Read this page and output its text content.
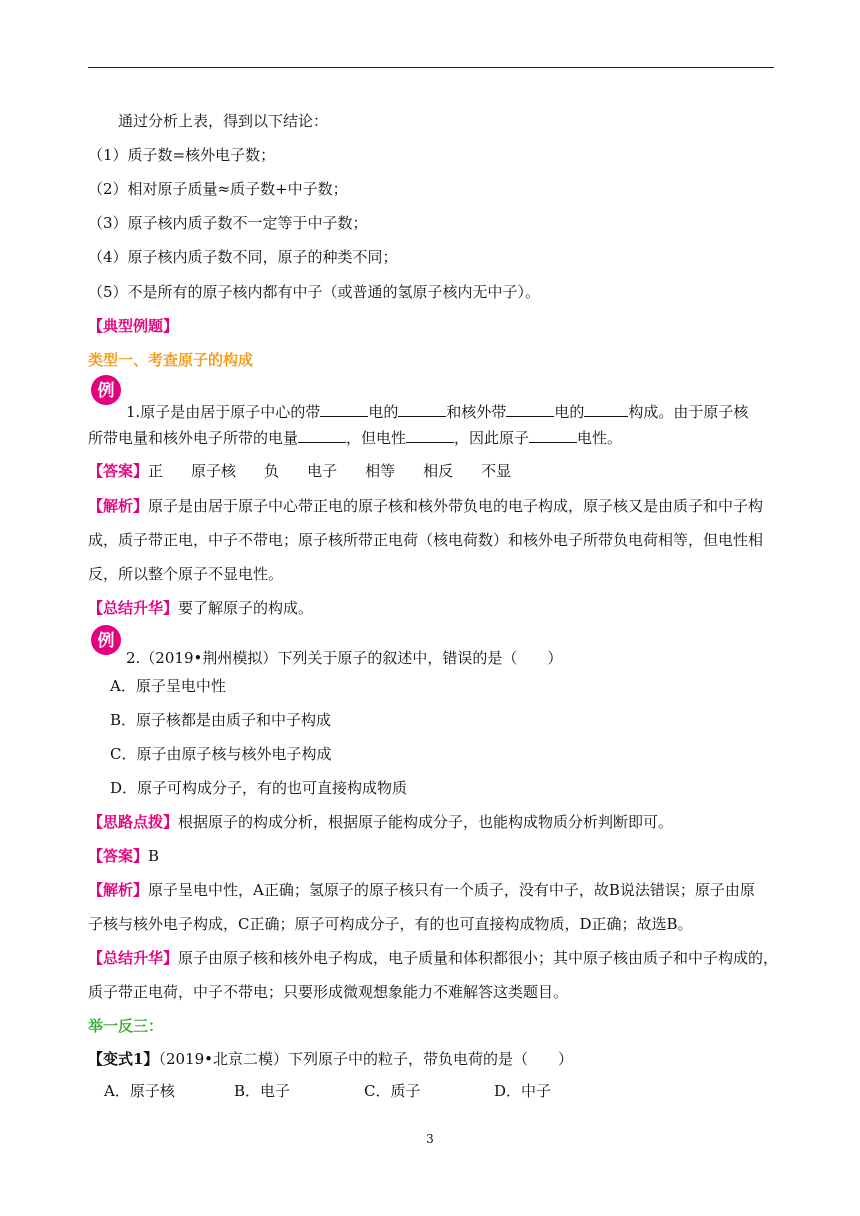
通过分析上表，得到以下结论：
（1）质子数=核外电子数；
（2）相对原子质量≈质子数+中子数；
（3）原子核内质子数不一定等于中子数；
（4）原子核内质子数不同，原子的种类不同；
（5）不是所有的原子核内都有中子（或普通的氢原子核内无中子）。
【典型例题】
类型一、考查原子的构成
例
1.原子是由居于原子中心的带	电的	和核外带	电的	构成。由于原子核
所带电量和核外电子所带的电量	，但电性	，因此原子	电性。
【答案】正 原子核 负 电子 相等 相反 不显
【解析】原子是由居于原子中心带正电的原子核和核外带负电的电子构成，原子核又是由质子和中子构
成，质子带正电，中子不带电；原子核所带正电荷（核电荷数）和核外电子所带负电荷相等，但电性相
反，所以整个原子不显电性。
【总结升华】要了解原子的构成。
例
2.（2019•荆州模拟）下列关于原子的叙述中，错误的是（　　）
A．原子呈电中性
B．原子核都是由质子和中子构成
C．原子由原子核与核外电子构成
D．原子可构成分子，有的也可直接构成物质
【思路点拨】根据原子的构成分析，根据原子能构成分子，也能构成物质分析判断即可。
【答案】B
【解析】原子呈电中性，A正确；氢原子的原子核只有一个质子，没有中子，故B说法错误；原子由原
子核与核外电子构成，C正确；原子可构成分子，有的也可直接构成物质，D正确；故选B。
【总结升华】原子由原子核和核外电子构成，电子质量和体积都很小；其中原子核由质子和中子构成的，
质子带正电荷，中子不带电；只要形成微观想象能力不难解答这类题目。
举一反三：
【变式1】（2019•北京二模）下列原子中的粒子，带负电荷的是（　　）
A．原子核	B．电子	C．质子	D．中子
3
